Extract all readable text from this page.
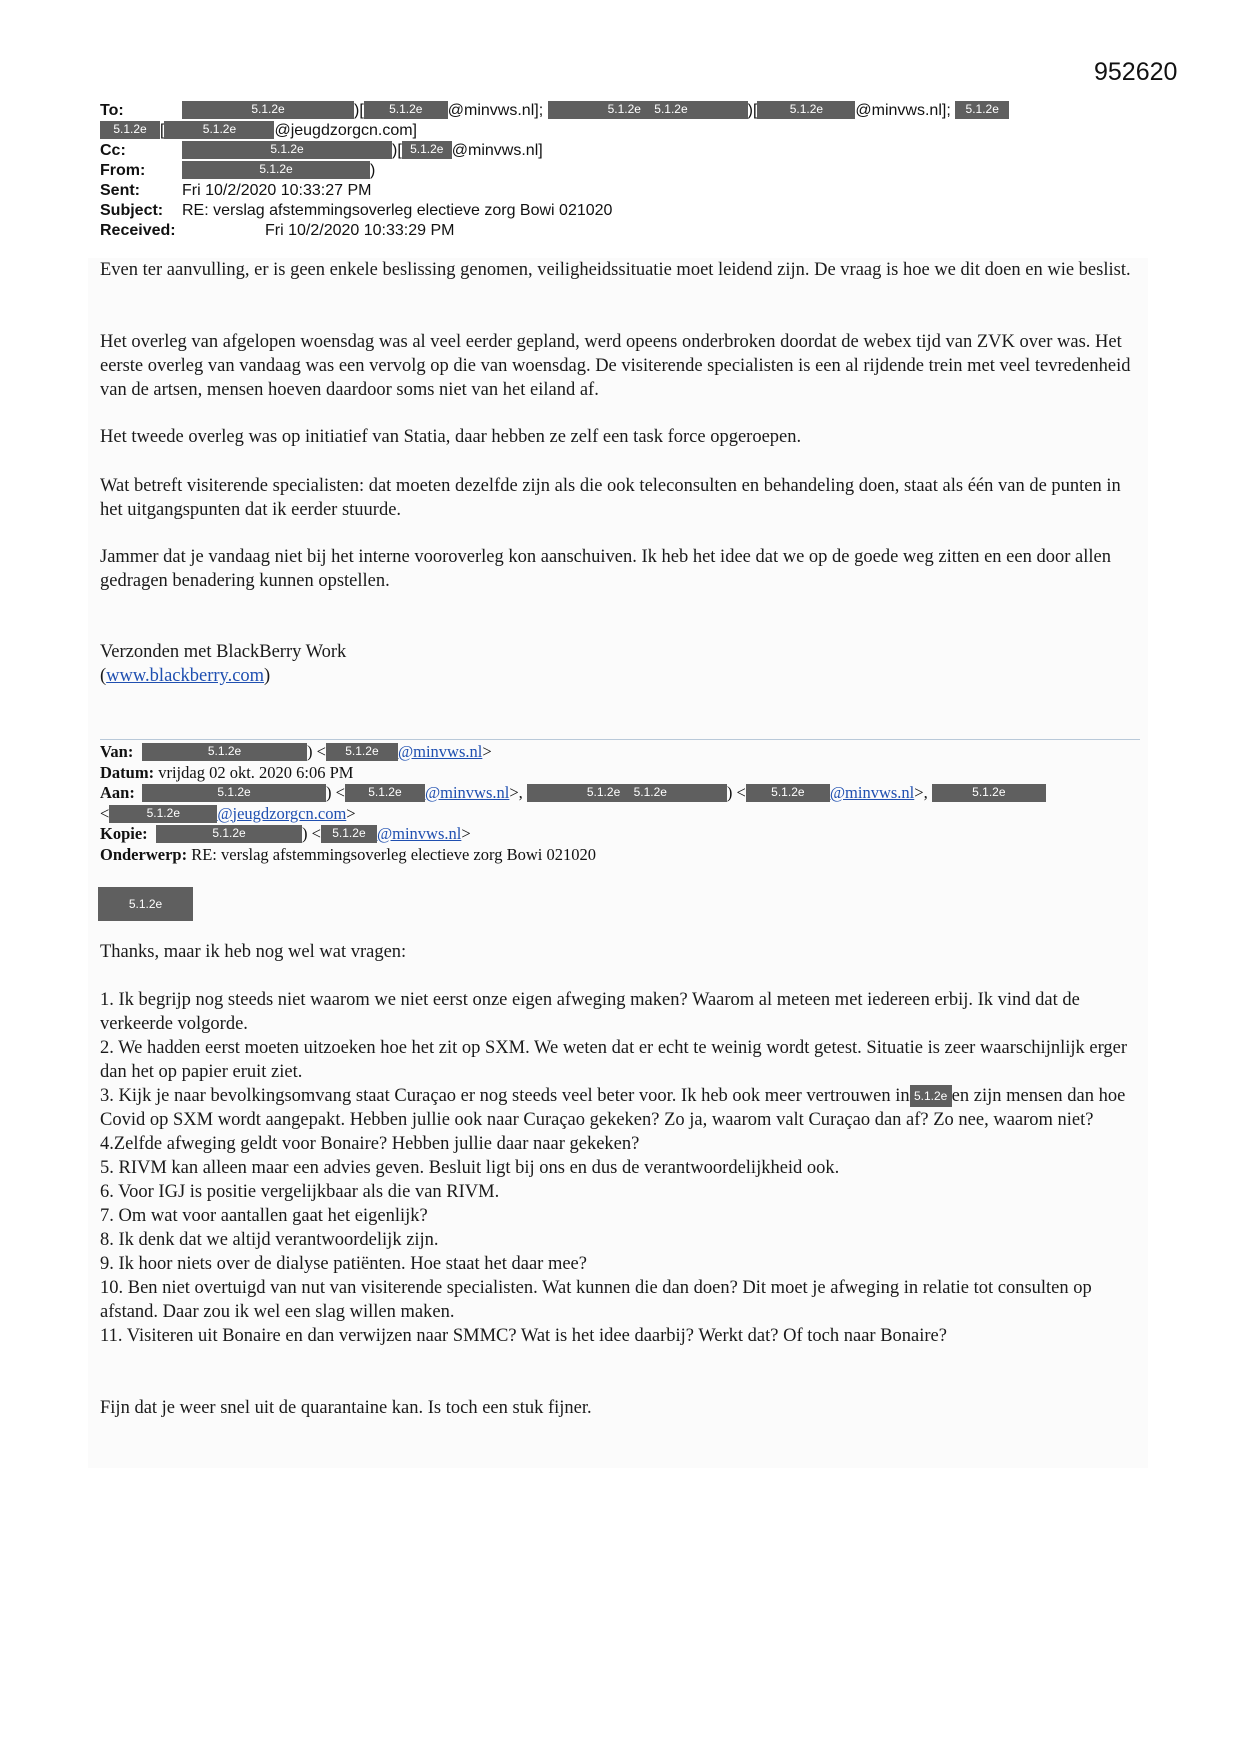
952620
To:	5.1.2e	)[ 5.1.2e @minvws.nl];	5.1.2e 5.1.2e	)[	5.1.2e @minvws.nl]; 5.1.2e
5.1.2e [	5.1.2e @jeugdzorgcn.com]
Cc:	5.1.2e	)[ 5.1.2e @minvws.nl]
From:	5.1.2e	)
Sent:	Fri 10/2/2020 10:33:27 PM
Subject: RE: verslag afstemmingsoverleg electieve zorg Bowi 021020
Received:	Fri 10/2/2020 10:33:29 PM

Even ter aanvulling, er is geen enkele beslissing genomen, veiligheidssituatie moet leidend zijn. De vraag is hoe we dit doen en wie beslist.

Het overleg van afgelopen woensdag was al veel eerder gepland, werd opeens onderbroken doordat de webex tijd van ZVK over was. Het eerste overleg van vandaag was een vervolg op die van woensdag. De visiterende specialisten is een al rijdende trein met veel tevredenheid van de artsen, mensen hoeven daardoor soms niet van het eiland af.

Het tweede overleg was op initiatief van Statia, daar hebben ze zelf een task force opgeroepen.

Wat betreft visiterende specialisten: dat moeten dezelfde zijn als die ook teleconsulten en behandeling doen, staat als één van de punten in het uitgangspunten dat ik eerder stuurde.

Jammer dat je vandaag niet bij het interne vooroverleg kon aanschuiven. Ik heb het idee dat we op de goede weg zitten en een door allen gedragen benadering kunnen opstellen.

Verzonden met BlackBerry Work

(www.blackberry.com)

Van:	5.1.2e	) < 5.1.2e @minvws.nl>
Datum: vrijdag 02 okt. 2020 6:06 PM
Aan:	5.1.2e	) < 5.1.2e @minvws.nl>,	5.1.2e 5.1.2e	) < 5.1.2e @minvws.nl>,	5.1.2e
<	5.1.2e @jeugdzorgcn.com>
Kopie:	5.1.2e	) < 5.1.2e @minvws.nl>
Onderwerp: RE: verslag afstemmingsoverleg electieve zorg Bowi 021020
5.1.2e

Thanks, maar ik heb nog wel wat vragen:

1. Ik begrijp nog steeds niet waarom we niet eerst onze eigen afweging maken? Waarom al meteen met iedereen erbij. Ik vind dat de verkeerde volgorde.
2. We hadden eerst moeten uitzoeken hoe het zit op SXM. We weten dat er echt te weinig wordt getest. Situatie is zeer waarschijnlijk erger dan het op papier eruit ziet.
3. Kijk je naar bevolkingsomvang staat Curaçao er nog steeds veel beter voor. Ik heb ook meer vertrouwen in 5.1.2e en zijn mensen dan hoe Covid op SXM wordt aangepakt. Hebben jullie ook naar Curaçao gekeken? Zo ja, waarom valt Curaçao dan af? Zo nee, waarom niet?
4.Zelfde afweging geldt voor Bonaire? Hebben jullie daar naar gekeken?
5. RIVM kan alleen maar een advies geven. Besluit ligt bij ons en dus de verantwoordelijkheid ook.
6. Voor IGJ is positie vergelijkbaar als die van RIVM.
7. Om wat voor aantallen gaat het eigenlijk?
8. Ik denk dat we altijd verantwoordelijk zijn.
9. Ik hoor niets over de dialyse patiënten. Hoe staat het daar mee?
10. Ben niet overtuigd van nut van visiterende specialisten. Wat kunnen die dan doen? Dit moet je afweging in relatie tot consulten op afstand. Daar zou ik wel een slag willen maken.
11. Visiteren uit Bonaire en dan verwijzen naar SMMC? Wat is het idee daarbij? Werkt dat? Of toch naar Bonaire?

Fijn dat je weer snel uit de quarantaine kan. Is toch een stuk fijner.
